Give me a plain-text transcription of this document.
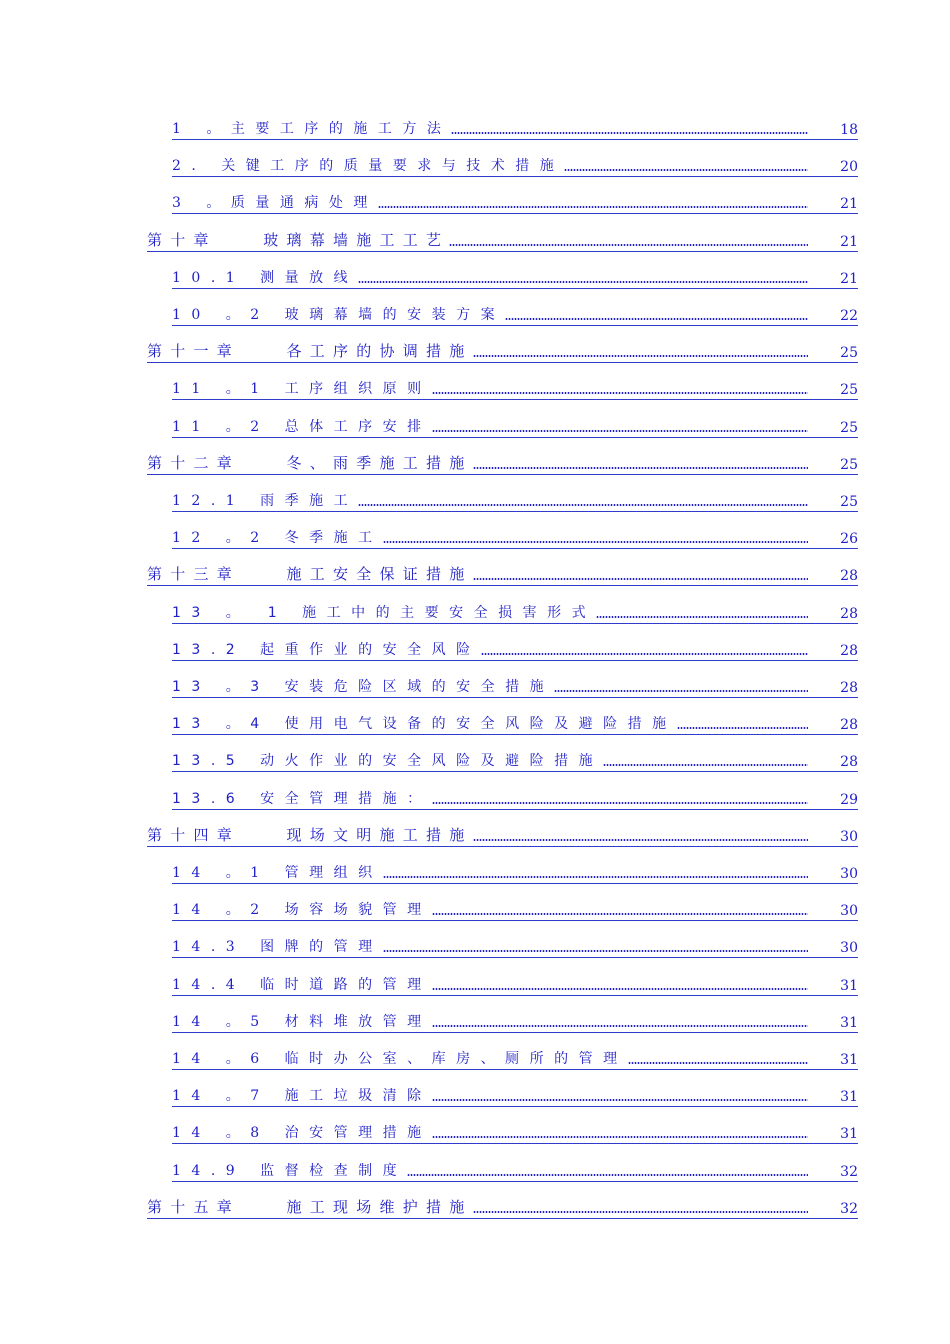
1 。主要工序的施工方法	18
2. 关键工序的质量要求与技术措施	20
3 。质量通病处理	21
第十章　　玻璃幕墙施工工艺	21
10.1 测量放线	21
10 。2 玻璃幕墙的安装方案	22
第十一章　　各工序的协调措施	25
11 。1 工序组织原则	25
11 。2 总体工序安排	25
第十二章　　冬、雨季施工措施	25
12.1 雨季施工	25
12 。2 冬季施工	26
第十三章　　施工安全保证措施	28
13 。　1 施工中的主要安全损害形式	28
13.2 起重作业的安全风险	28
13 。3 安装危险区域的安全措施	28
13 。4 使用电气设备的安全风险及避险措施	28
13.5 动火作业的安全风险及避险措施	28
13.6 安全管理措施：	29
第十四章　　现场文明施工措施	30
14 。1 管理组织	30
14 。2 场容场貌管理	30
14.3 图牌的管理	30
14.4 临时道路的管理	31
14 。5 材料堆放管理	31
14 。6 临时办公室、库房、厕所的管理	31
14 。7 施工垃圾清除	31
14 。8 治安管理措施	31
14.9 监督检查制度	32
第十五章　　施工现场维护措施	32
